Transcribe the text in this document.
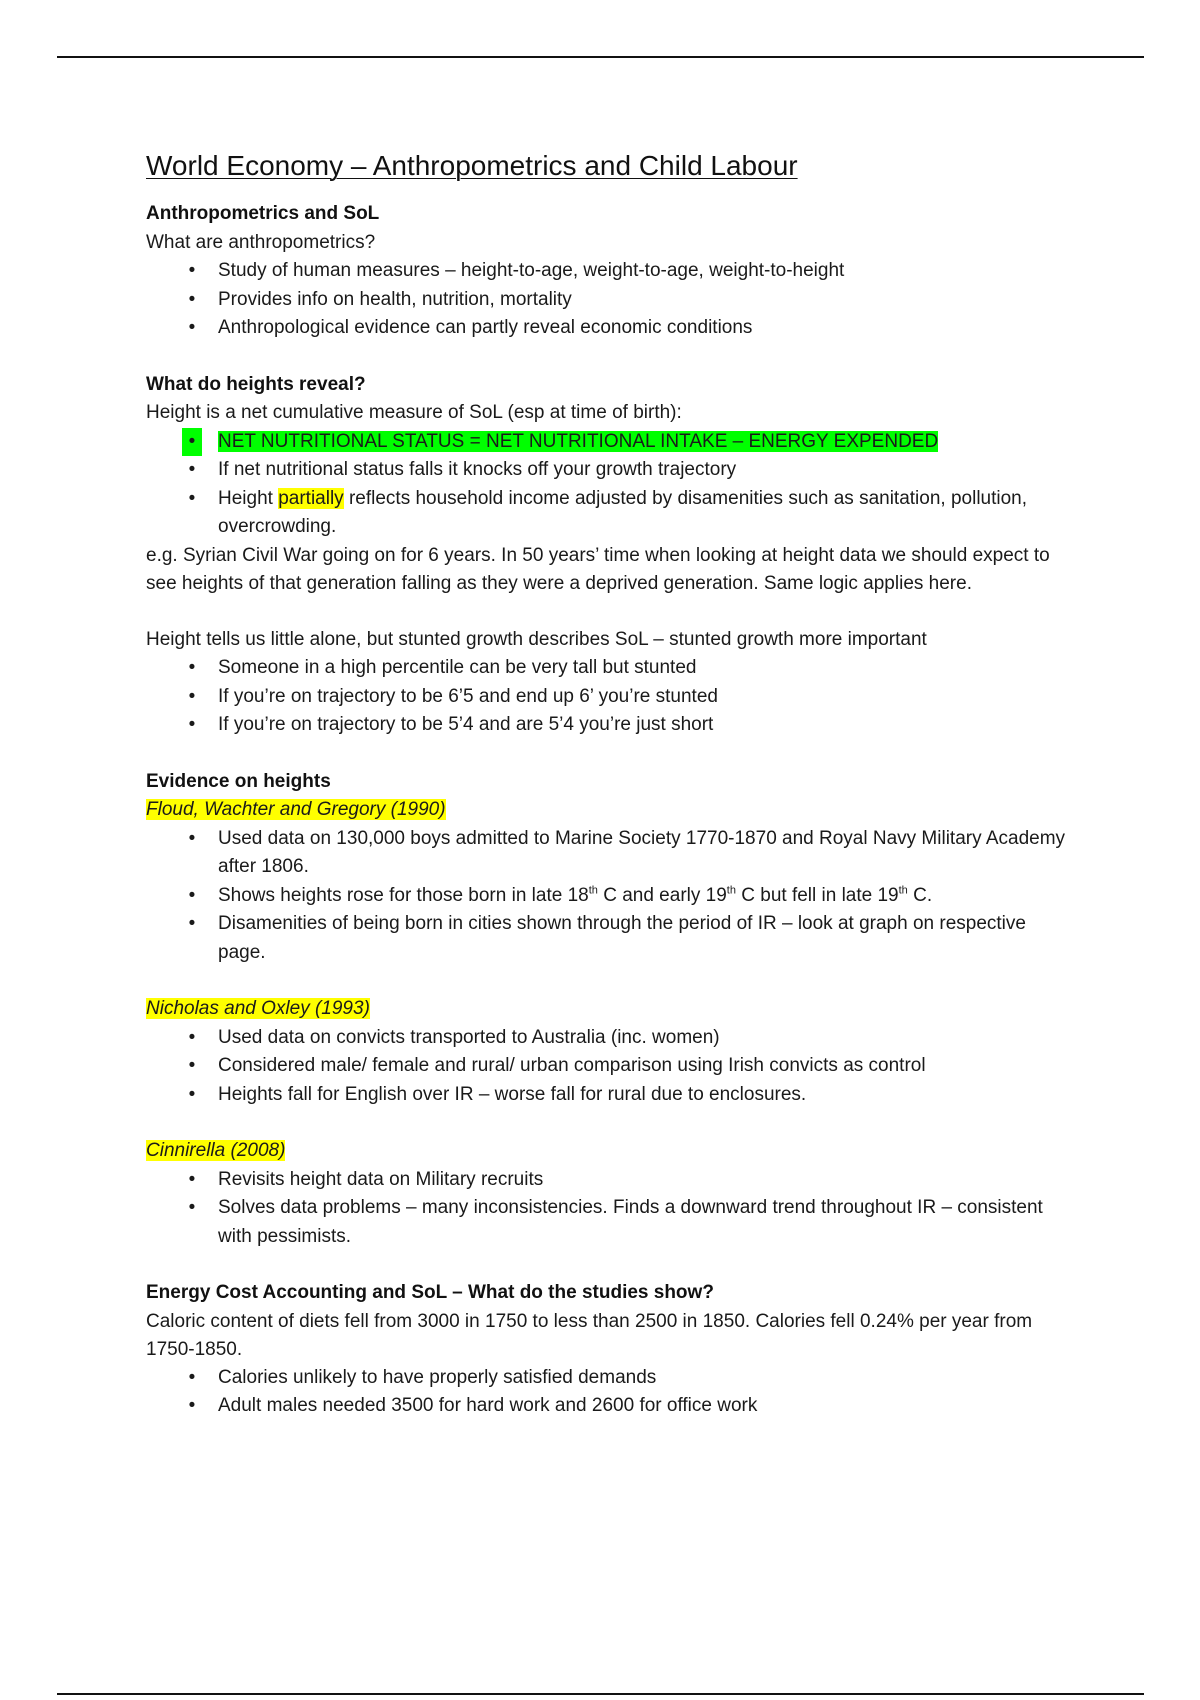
World Economy – Anthropometrics and Child Labour

Anthropometrics and SoL

What are anthropometrics?

•	Study of human measures – height-to-age, weight-to-age, weight-to-height
•	Provides info on health, nutrition, mortality
•	Anthropological evidence can partly reveal economic conditions

What do heights reveal?

Height is a net cumulative measure of SoL (esp at time of birth):

•	NET NUTRITIONAL STATUS = NET NUTRITIONAL INTAKE – ENERGY EXPENDED
•	If net nutritional status falls it knocks off your growth trajectory
•	Height partially reflects household income adjusted by disamenities such as sanitation, pollution, overcrowding.

e.g. Syrian Civil War going on for 6 years. In 50 years’ time when looking at height data we should expect to see heights of that generation falling as they were a deprived generation. Same logic applies here.

Height tells us little alone, but stunted growth describes SoL – stunted growth more important

•	Someone in a high percentile can be very tall but stunted
•	If you’re on trajectory to be 6’5 and end up 6’ you’re stunted
•	If you’re on trajectory to be 5’4 and are 5’4 you’re just short

Evidence on heights

Floud, Wachter and Gregory (1990)

•	Used data on 130,000 boys admitted to Marine Society 1770-1870 and Royal Navy Military Academy after 1806.
•	Shows heights rose for those born in late 18th C and early 19th C but fell in late 19th C.
•	Disamenities of being born in cities shown through the period of IR – look at graph on respective page.

Nicholas and Oxley (1993)

•	Used data on convicts transported to Australia (inc. women)
•	Considered male/ female and rural/ urban comparison using Irish convicts as control
•	Heights fall for English over IR – worse fall for rural due to enclosures.

Cinnirella (2008)

•	Revisits height data on Military recruits
•	Solves data problems – many inconsistencies. Finds a downward trend throughout IR – consistent with pessimists.

Energy Cost Accounting and SoL – What do the studies show?

Caloric content of diets fell from 3000 in 1750 to less than 2500 in 1850. Calories fell 0.24% per year from 1750-1850.

•	Calories unlikely to have properly satisfied demands
•	Adult males needed 3500 for hard work and 2600 for office work
